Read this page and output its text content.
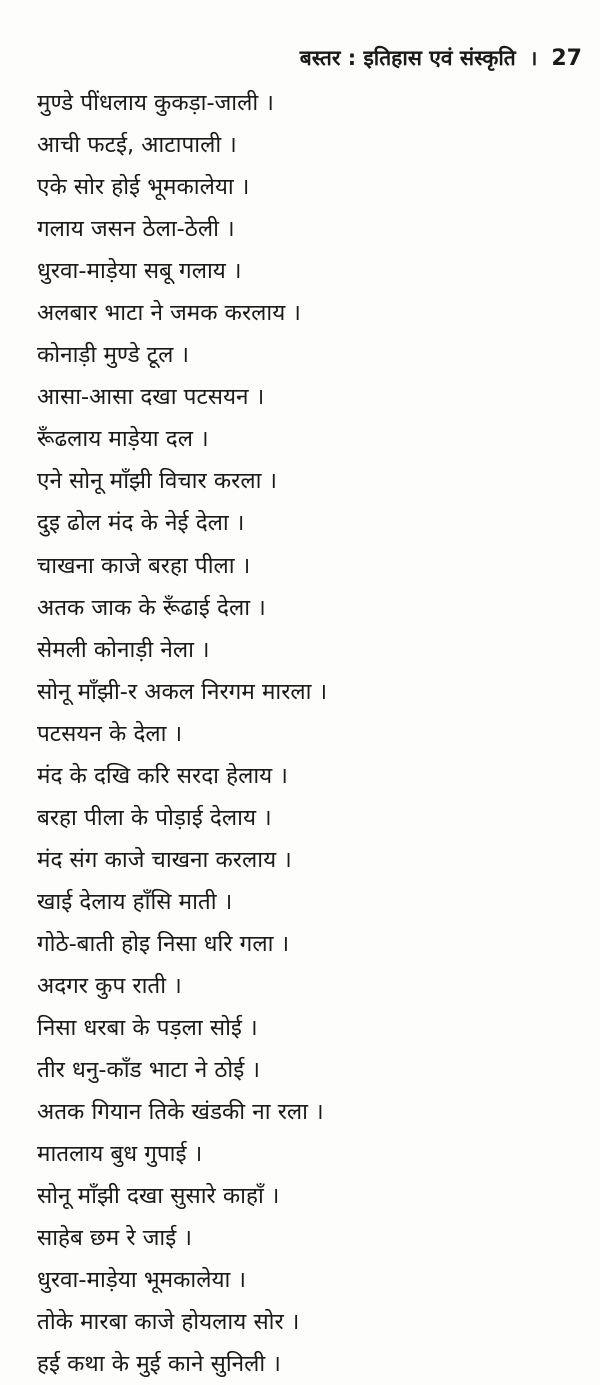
बस्तर : इतिहास एवं संस्कृति । 27
मुण्डे पींधलाय कुकड़ा-जाली ।
आची फटई, आटापाली ।
एके सोर होई भूमकालेया ।
गलाय जसन ठेला-ठेली ।
धुरवा-माड़ेया सबू गलाय ।
अलबार भाटा ने जमक करलाय ।
कोनाड़ी मुण्डे टूल ।
आसा-आसा दखा पटसयन ।
रूँढलाय माड़ेया दल ।
एने सोनू माँझी विचार करला ।
दुइ ढोल मंद के नेई देला ।
चाखना काजे बरहा पीला ।
अतक जाक के रूँढाई देला ।
सेमली कोनाड़ी नेला ।
सोनू माँझी-र अकल निरगम मारला ।
पटसयन के देला ।
मंद के दखि करि सरदा हेलाय ।
बरहा पीला के पोड़ाई देलाय ।
मंद संग काजे चाखना करलाय ।
खाई देलाय हाँसि माती ।
गोठे-बाती होइ निसा धरि गला ।
अदगर कुप राती ।
निसा धरबा के पड़ला सोई ।
तीर धनु-काँड भाटा ने ठोई ।
अतक गियान तिके खंडकी ना रला ।
मातलाय बुध गुपाई ।
सोनू माँझी दखा सुसारे काहाँ ।
साहेब छम रे जाई ।
धुरवा-माड़ेया भूमकालेया ।
तोके मारबा काजे होयलाय सोर ।
हई कथा के मुई काने सुनिली ।
